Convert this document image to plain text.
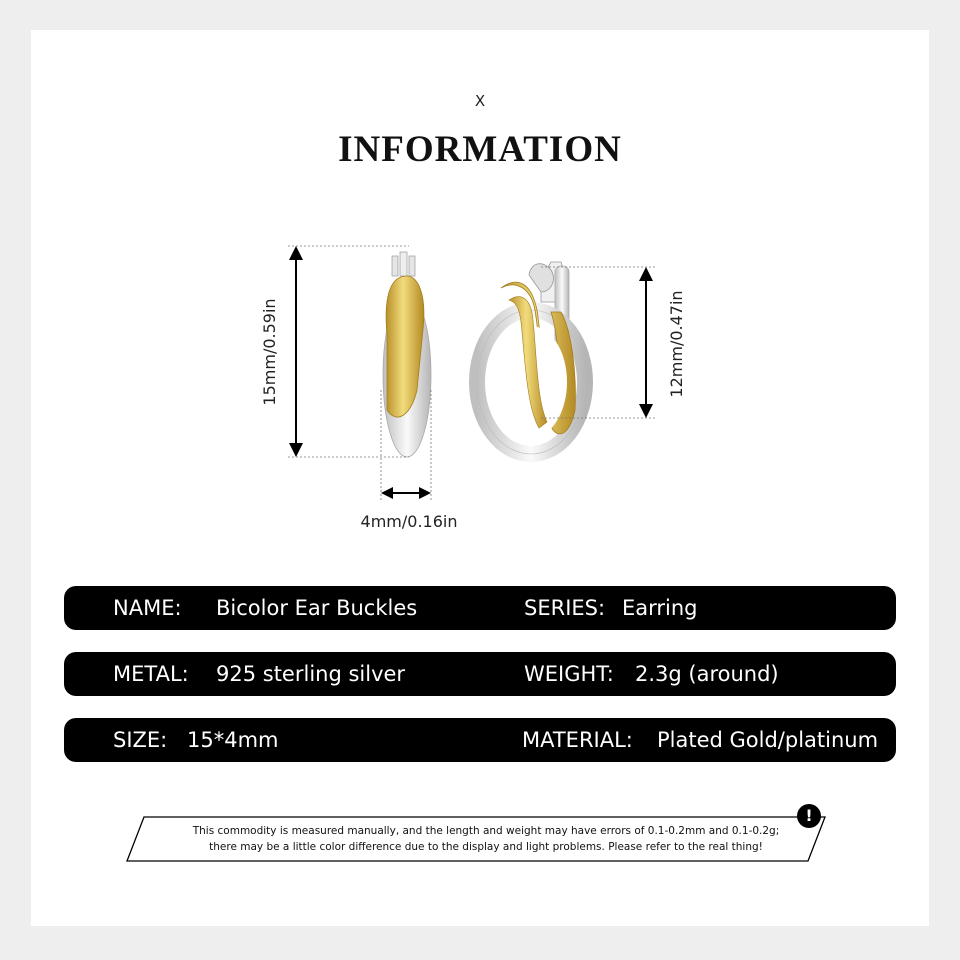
X
INFORMATION
15mm/0.59in
4mm/0.16in
12mm/0.47in
NAME: Bicolor Ear Buckles	SERIES: Earring
METAL: 925 sterling silver	WEIGHT: 2.3g (around)
SIZE: 15*4mm	MATERIAL: Plated Gold/platinum
This commodity is measured manually, and the length and weight may have errors of 0.1-0.2mm and 0.1-0.2g;
there may be a little color difference due to the display and light problems. Please refer to the real thing!
!
